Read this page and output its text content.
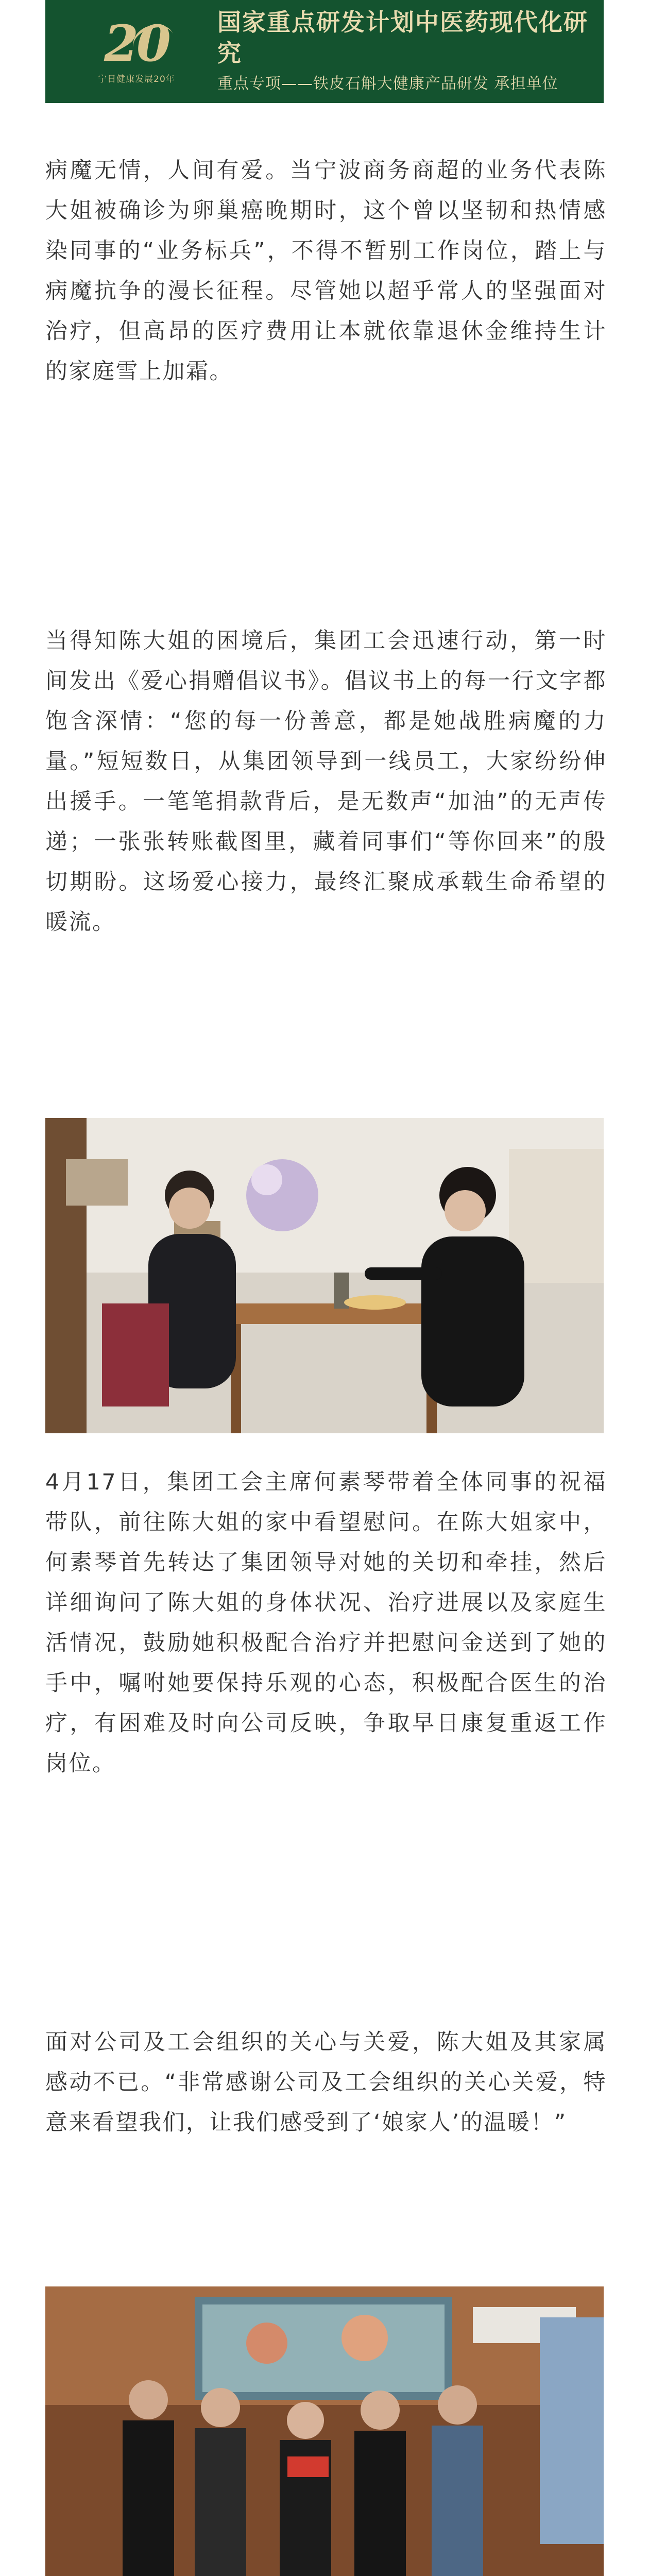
20
宁日健康发展20年
国家重点研发计划中医药现代化研究
重点专项——铁皮石斛大健康产品研发 承担单位
病魔无情，人间有爱。当宁波商务商超的业务代表陈大姐被确诊为卵巢癌晚期时，这个曾以坚韧和热情感染同事的“业务标兵”，不得不暂别工作岗位，踏上与病魔抗争的漫长征程。尽管她以超乎常人的坚强面对治疗，但高昂的医疗费用让本就依靠退休金维持生计的家庭雪上加霜。
当得知陈大姐的困境后，集团工会迅速行动，第一时间发出《爱心捐赠倡议书》。倡议书上的每一行文字都饱含深情：“您的每一份善意，都是她战胜病魔的力量。”短短数日，从集团领导到一线员工，大家纷纷伸出援手。一笔笔捐款背后，是无数声“加油”的无声传递；一张张转账截图里，藏着同事们“等你回来”的殷切期盼。这场爱心接力，最终汇聚成承载生命希望的暖流。
4月17日，集团工会主席何素琴带着全体同事的祝福带队，前往陈大姐的家中看望慰问。在陈大姐家中，何素琴首先转达了集团领导对她的关切和牵挂，然后详细询问了陈大姐的身体状况、治疗进展以及家庭生活情况，鼓励她积极配合治疗并把慰问金送到了她的手中，嘱咐她要保持乐观的心态，积极配合医生的治疗，有困难及时向公司反映，争取早日康复重返工作岗位。
面对公司及工会组织的关心与关爱，陈大姐及其家属感动不已。“非常感谢公司及工会组织的关心关爱，特意来看望我们，让我们感受到了‘娘家人’的温暖！”
